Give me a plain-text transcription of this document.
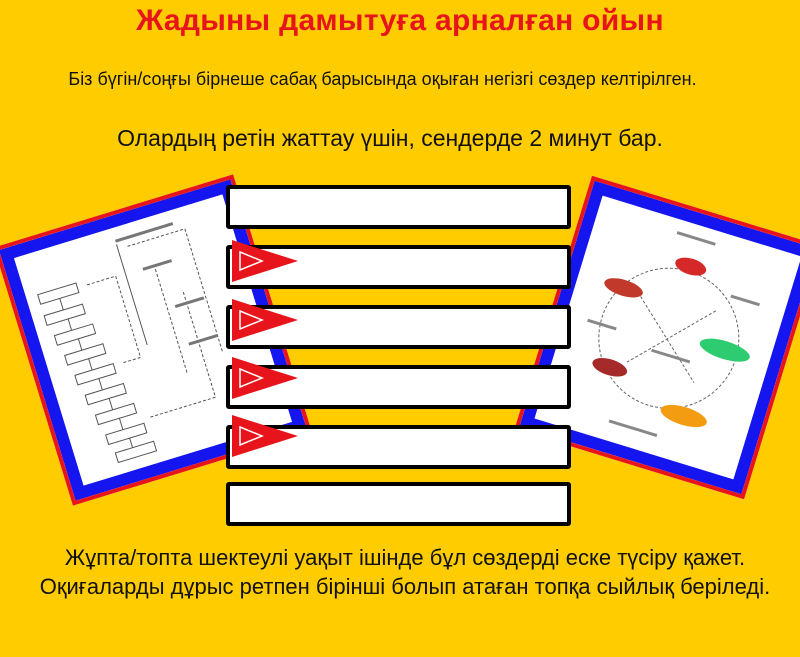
Жадыны дамытуға арналған ойын
Біз бүгін/соңғы бірнеше сабақ барысында оқыған негізгі сөздер келтірілген.
Олардың ретін жаттау үшін, сендерде 2 минут бар.
Жұпта/топта шектеулі уақыт ішінде бұл сөздерді еске түсіру қажет. Оқиғаларды дұрыс ретпен бірінші болып атаған топқа сыйлық беріледі.
